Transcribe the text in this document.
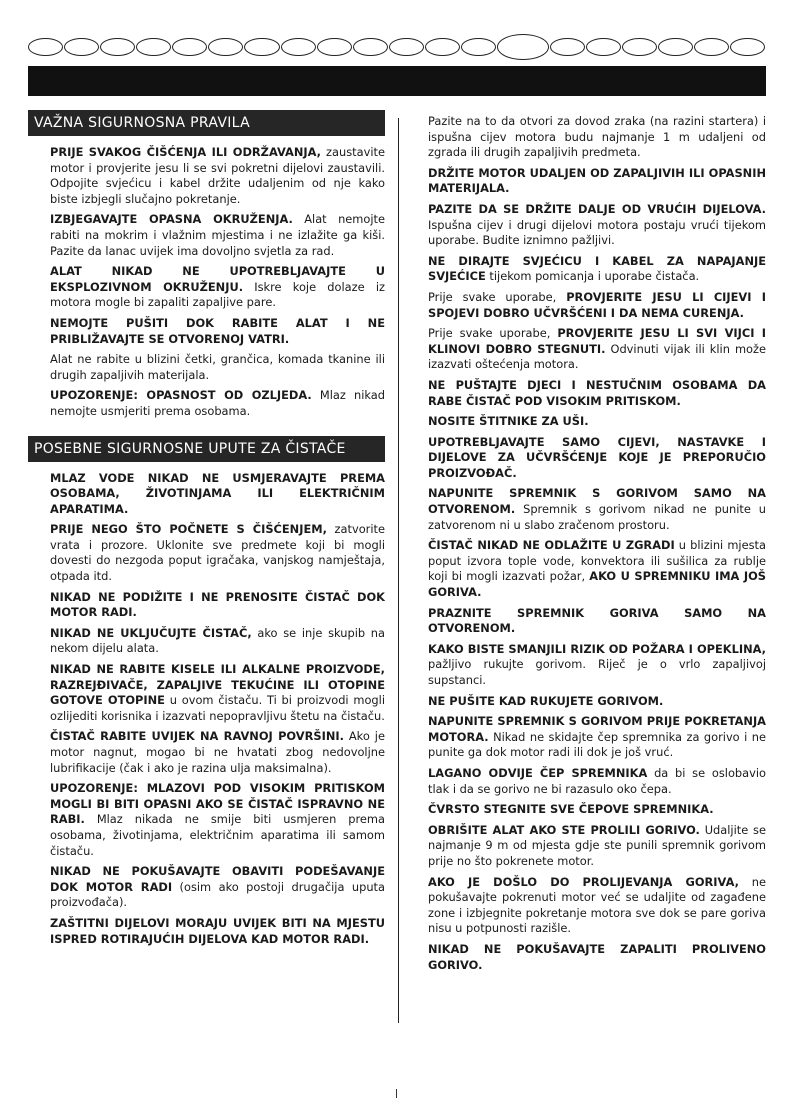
VAŽNA SIGURNOSNA PRAVILA

PRIJE SVAKOG ČIŠĆENJA ILI ODRŽAVANJA, zaustavite motor i provjerite jesu li se svi pokretni dijelovi zaustavili. Odpojite svjećicu i kabel držite udaljenim od nje kako biste izbjegli slučajno pokretanje.

IZBJEGAVAJTE OPASNA OKRUŽENJA. Alat nemojte rabiti na mokrim i vlažnim mjestima i ne izlažite ga kiši. Pazite da lanac uvijek ima dovoljno svjetla za rad.

ALAT NIKAD NE UPOTREBLJAVAJTE U EKSPLOZIVNOM OKRUŽENJU. Iskre koje dolaze iz motora mogle bi zapaliti zapaljive pare.

NEMOJTE PUŠITI DOK RABITE ALAT I NE PRIBLIŽAVAJTE SE OTVORENOJ VATRI.

Alat ne rabite u blizini četki, grančica, komada tkanine ili drugih zapaljivih materijala.

UPOZORENJE: OPASNOST OD OZLJEDA. Mlaz nikad nemojte usmjeriti prema osobama.

POSEBNE SIGURNOSNE UPUTE ZA ČISTAČE

MLAZ VODE NIKAD NE USMJERAVAJTE PREMA OSOBAMA, ŽIVOTINJAMA ILI ELEKTRIČNIM APARATIMA.

PRIJE NEGO ŠTO POČNETE S ČIŠĆENJEM, zatvorite vrata i prozore. Uklonite sve predmete koji bi mogli dovesti do nezgoda poput igračaka, vanjskog namještaja, otpada itd.

NIKAD NE PODIŽITE I NE PRENOSITE ČISTAČ DOK MOTOR RADI.

NIKAD NE UKLJUČUJTE ČISTAČ, ako se inje skupib na nekom dijelu alata.

NIKAD NE RABITE KISELE ILI ALKALNE PROIZVODE, RAZREJĐIVAČE, ZAPALJIVE TEKUĆINE ILI OTOPINE GOTOVE OTOPINE u ovom čistaču. Ti bi proizvodi mogli ozlijediti korisnika i izazvati nepopravljivu štetu na čistaču.

ČISTAČ RABITE UVIJEK NA RAVNOJ POVRŠINI. Ako je motor nagnut, mogao bi ne hvatati zbog nedovoljne lubrifikacije (čak i ako je razina ulja maksimalna).

UPOZORENJE: MLAZOVI POD VISOKIM PRITISKOM MOGLI BI BITI OPASNI AKO SE ČISTAČ ISPRAVNO NE RABI. Mlaz nikada ne smije biti usmjeren prema osobama, životinjama, električnim aparatima ili samom čistaču.

NIKAD NE POKUŠAVAJTE OBAVITI PODEŠAVANJE DOK MOTOR RADI (osim ako postoji drugačija uputa proizvođača).

ZAŠTITNI DIJELOVI MORAJU UVIJEK BITI NA MJESTU ISPRED ROTIRAJUĆIH DIJELOVA KAD MOTOR RADI.

Pazite na to da otvori za dovod zraka (na razini startera) i ispušna cijev motora budu najmanje 1 m udaljeni od zgrada ili drugih zapaljivih predmeta.

DRŽITE MOTOR UDALJEN OD ZAPALJIVIH ILI OPASNIH MATERIJALA.

PAZITE DA SE DRŽITE DALJE OD VRUĆIH DIJELOVA. Ispušna cijev i drugi dijelovi motora postaju vrući tijekom uporabe. Budite iznimno pažljivi.

NE DIRAJTE SVJEĆICU I KABEL ZA NAPAJANJE SVJEĆICE tijekom pomicanja i uporabe čistača.

Prije svake uporabe, PROVJERITE JESU LI CIJEVI I SPOJEVI DOBRO UČVRŠĆENI I DA NEMA CURENJA.

Prije svake uporabe, PROVJERITE JESU LI SVI VIJCI I KLINOVI DOBRO STEGNUTI. Odvinuti vijak ili klin može izazvati oštećenja motora.

NE PUŠTAJTE DJECI I NESTUČNIM OSOBAMA DA RABE ČISTAČ POD VISOKIM PRITISKOM.

NOSITE ŠTITNIKE ZA UŠI.

UPOTREBLJAVAJTE SAMO CIJEVI, NASTAVKE I DIJELOVE ZA UČVRŠĆENJE KOJE JE PREPORUČIO PROIZVOĐAČ.

NAPUNITE SPREMNIK S GORIVOM SAMO NA OTVORENOM. Spremnik s gorivom nikad ne punite u zatvorenom ni u slabo zračenom prostoru.

ČISTAČ NIKAD NE ODLAŽITE U ZGRADI u blizini mjesta poput izvora tople vode, konvektora ili sušilica za rublje koji bi mogli izazvati požar, AKO U SPREMNIKU IMA JOŠ GORIVA.

PRAZNITE SPREMNIK GORIVA SAMO NA OTVORENOM.

KAKO BISTE SMANJILI RIZIK OD POŽARA I OPEKLINA, pažljivo rukujte gorivom. Riječ je o vrlo zapaljivoj supstanci.

NE PUŠITE KAD RUKUJETE GORIVOM.

NAPUNITE SPREMNIK S GORIVOM PRIJE POKRETANJA MOTORA. Nikad ne skidajte čep spremnika za gorivo i ne punite ga dok motor radi ili dok je još vruć.

LAGANO ODVIJE ČEP SPREMNIKA da bi se oslobavio tlak i da se gorivo ne bi razasulo oko čepa.

ČVRSTO STEGNITE SVE ČEPOVE SPREMNIKA.

OBRIŠITE ALAT AKO STE PROLILI GORIVO. Udaljite se najmanje 9 m od mjesta gdje ste punili spremnik gorivom prije no što pokrenete motor.

AKO JE DOŠLO DO PROLIJEVANJA GORIVA, ne pokušavajte pokrenuti motor već se udaljite od zagađene zone i izbjegnite pokretanje motora sve dok se pare goriva nisu u potpunosti razišle.

NIKAD NE POKUŠAVAJTE ZAPALITI PROLIVENO GORIVO.
